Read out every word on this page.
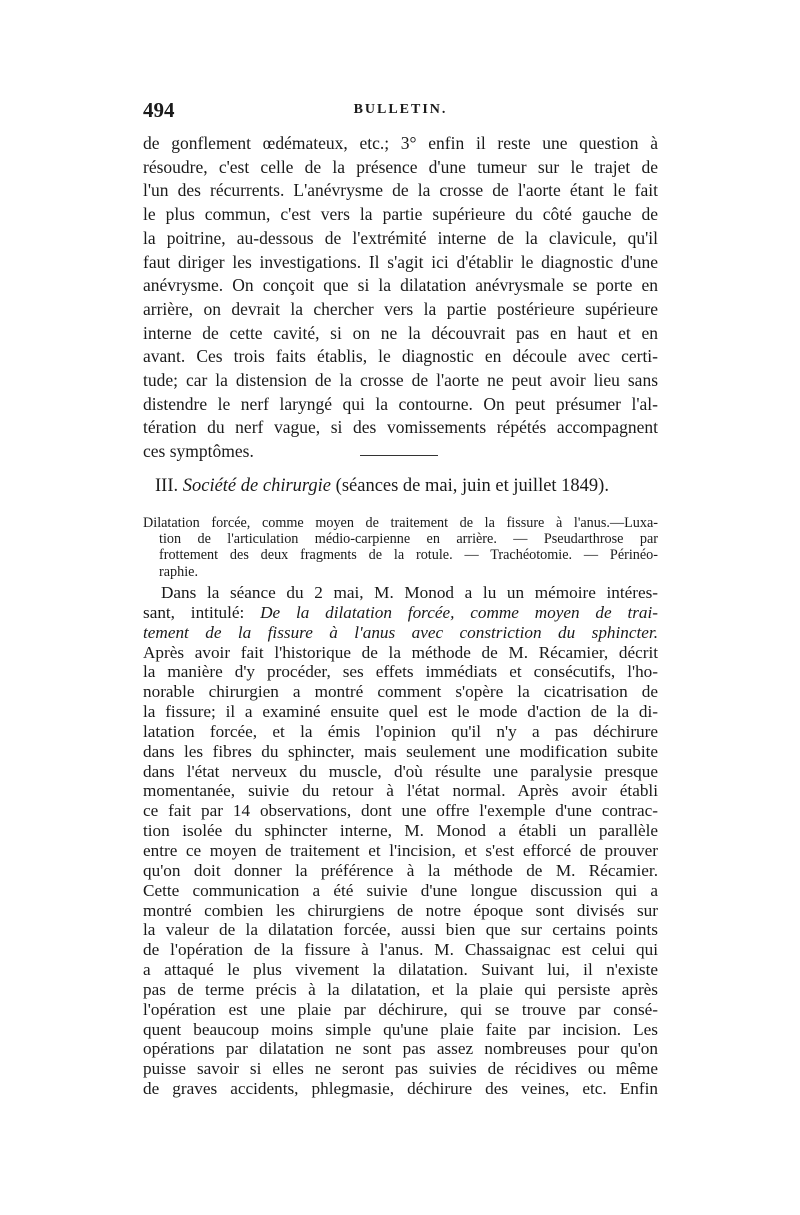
494	BULLETIN.
de gonflement œdémateux, etc.; 3° enfin il reste une question à
résoudre, c'est celle de la présence d'une tumeur sur le trajet de
l'un des récurrents. L'anévrysme de la crosse de l'aorte étant le fait
le plus commun, c'est vers la partie supérieure du côté gauche de
la poitrine, au-dessous de l'extrémité interne de la clavicule, qu'il
faut diriger les investigations. Il s'agit ici d'établir le diagnostic d'une
anévrysme. On conçoit que si la dilatation anévrysmale se porte en
arrière, on devrait la chercher vers la partie postérieure supérieure
interne de cette cavité, si on ne la découvrait pas en haut et en
avant. Ces trois faits établis, le diagnostic en découle avec certi-
tude; car la distension de la crosse de l'aorte ne peut avoir lieu sans
distendre le nerf laryngé qui la contourne. On peut présumer l'al-
tération du nerf vague, si des vomissements répétés accompagnent
ces symptômes.
III. Société de chirurgie (séances de mai, juin et juillet 1849).
Dilatation forcée, comme moyen de traitement de la fissure à l'anus.—Luxa-
tion de l'articulation médio-carpienne en arrière. — Pseudarthrose par
frottement des deux fragments de la rotule. — Trachéotomie. — Périnéo-
raphie.
Dans la séance du 2 mai, M. Monod a lu un mémoire intéres-
sant, intitulé: De la dilatation forcée, comme moyen de trai-
tement de la fissure à l'anus avec constriction du sphincter.
Après avoir fait l'historique de la méthode de M. Récamier, décrit
la manière d'y procéder, ses effets immédiats et consécutifs, l'ho-
norable chirurgien a montré comment s'opère la cicatrisation de
la fissure; il a examiné ensuite quel est le mode d'action de la di-
latation forcée, et la émis l'opinion qu'il n'y a pas déchirure
dans les fibres du sphincter, mais seulement une modification subite
dans l'état nerveux du muscle, d'où résulte une paralysie presque
momentanée, suivie du retour à l'état normal. Après avoir établi
ce fait par 14 observations, dont une offre l'exemple d'une contrac-
tion isolée du sphincter interne, M. Monod a établi un parallèle
entre ce moyen de traitement et l'incision, et s'est efforcé de prouver
qu'on doit donner la préférence à la méthode de M. Récamier.
Cette communication a été suivie d'une longue discussion qui a
montré combien les chirurgiens de notre époque sont divisés sur
la valeur de la dilatation forcée, aussi bien que sur certains points
de l'opération de la fissure à l'anus. M. Chassaignac est celui qui
a attaqué le plus vivement la dilatation. Suivant lui, il n'existe
pas de terme précis à la dilatation, et la plaie qui persiste après
l'opération est une plaie par déchirure, qui se trouve par consé-
quent beaucoup moins simple qu'une plaie faite par incision. Les
opérations par dilatation ne sont pas assez nombreuses pour qu'on
puisse savoir si elles ne seront pas suivies de récidives ou même
de graves accidents, phlegmasie, déchirure des veines, etc. Enfin
